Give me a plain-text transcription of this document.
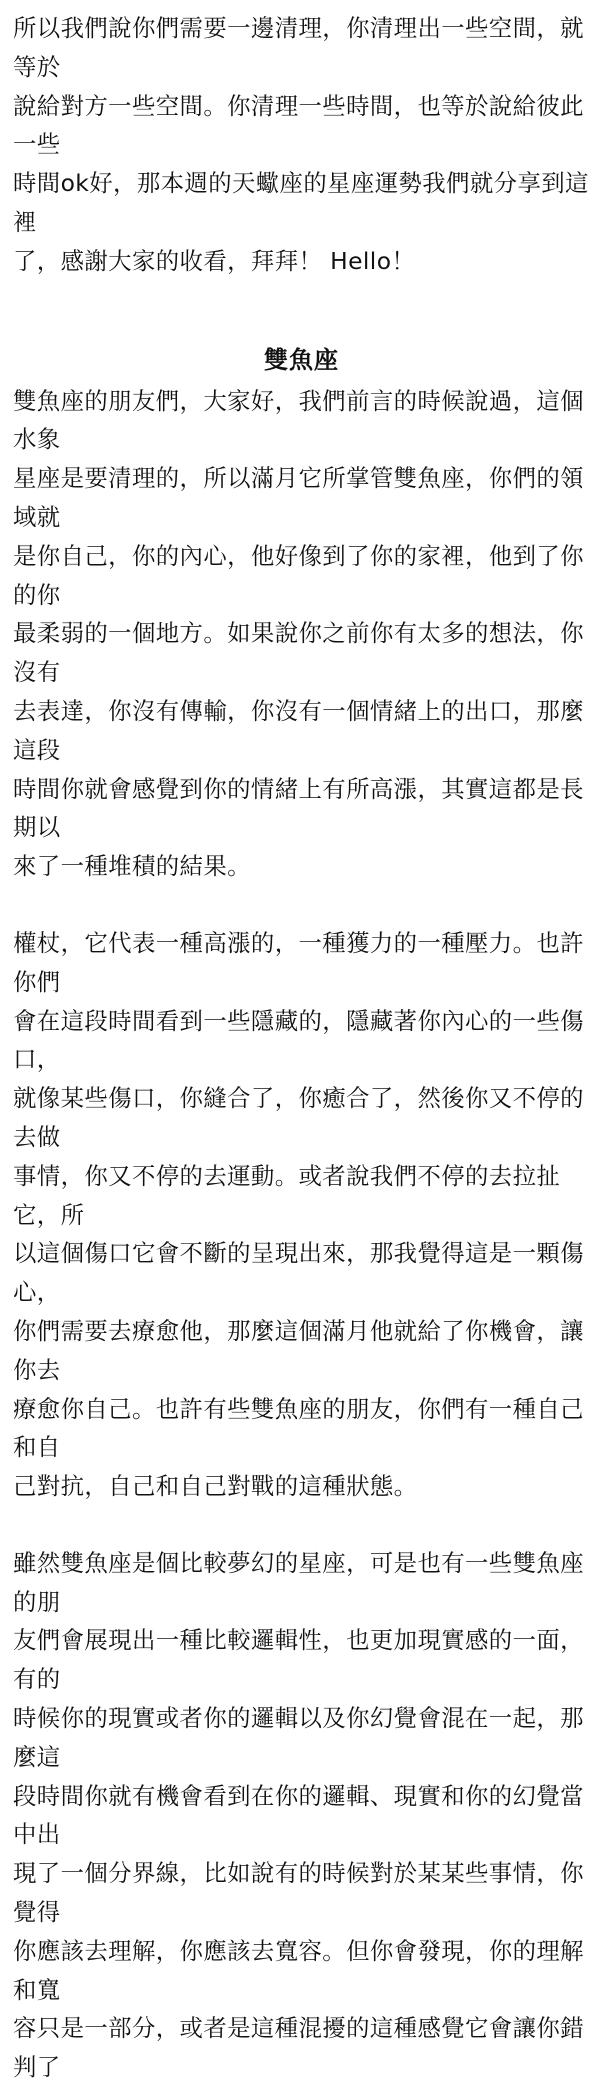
所以我們說你們需要一邊清理，你清理出一些空間，就等於
說給對方一些空間。你清理一些時間，也等於說給彼此一些
時間ok好，那本週的天蠍座的星座運勢我們就分享到這裡
了，感謝大家的收看，拜拜！ Hello！

雙魚座

雙魚座的朋友們，大家好，我們前言的時候說過，這個水象
星座是要清理的，所以滿月它所掌管雙魚座，你們的領域就
是你自己，你的內心，他好像到了你的家裡，他到了你的你
最柔弱的一個地方。如果說你之前你有太多的想法，你沒有
去表達，你沒有傳輸，你沒有一個情緒上的出口，那麼這段
時間你就會感覺到你的情緒上有所高漲，其實這都是長期以
來了一種堆積的結果。

權杖，它代表一種高漲的，一種獲力的一種壓力。也許你們
會在這段時間看到一些隱藏的，隱藏著你內心的一些傷口，
就像某些傷口，你縫合了，你癒合了，然後你又不停的去做
事情，你又不停的去運動。或者說我們不停的去拉扯它，所
以這個傷口它會不斷的呈現出來，那我覺得這是一顆傷心，
你們需要去療愈他，那麼這個滿月他就給了你機會，讓你去
療愈你自己。也許有些雙魚座的朋友，你們有一種自己和自
己對抗，自己和自己對戰的這種狀態。

雖然雙魚座是個比較夢幻的星座，可是也有一些雙魚座的朋
友們會展現出一種比較邏輯性，也更加現實感的一面，有的
時候你的現實或者你的邏輯以及你幻覺會混在一起，那麼這
段時間你就有機會看到在你的邏輯、現實和你的幻覺當中出
現了一個分界線，比如說有的時候對於某某些事情，你覺得
你應該去理解，你應該去寬容。但你會發現，你的理解和寬
容只是一部分，或者是這種混擾的這種感覺它會讓你錯判了
